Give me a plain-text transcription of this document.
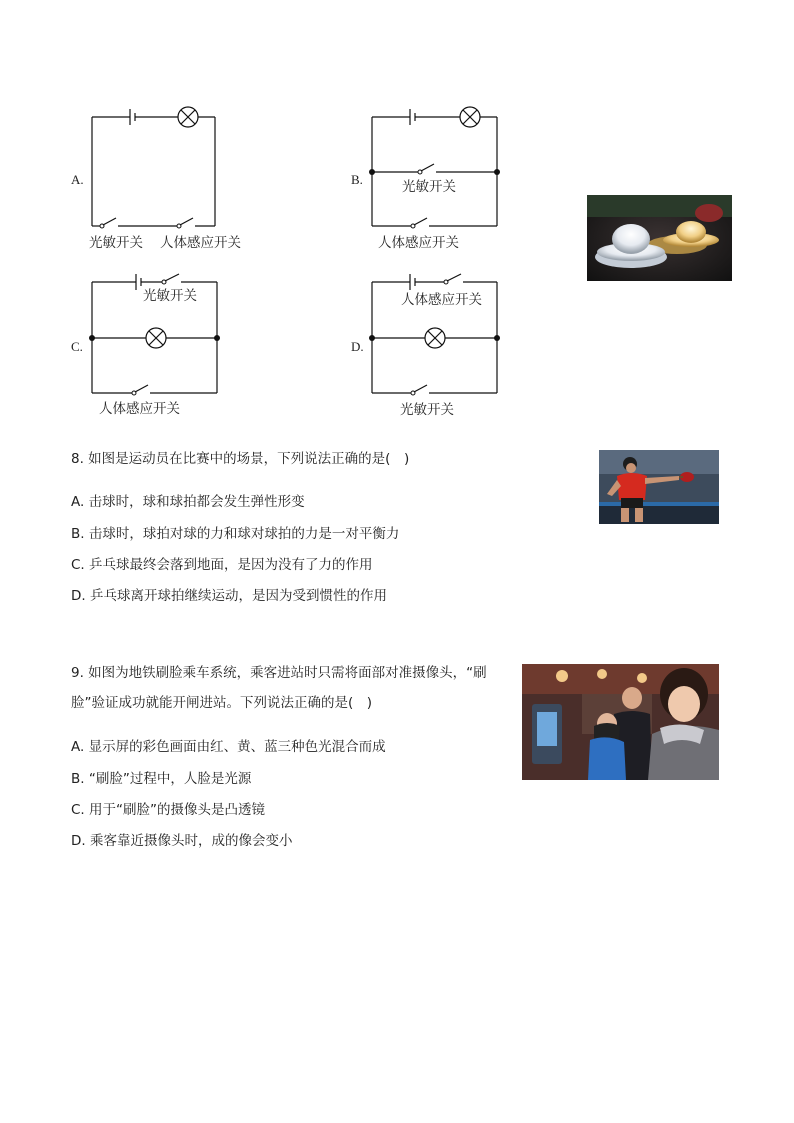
A.
光敏开关 人体感应开关
B.	光敏开关
人体感应开关
C.
光敏开关
人体感应开关
D.
人体感应开关
光敏开关
8. 如图是运动员在比赛中的场景，下列说法正确的是(　)
A. 击球时，球和球拍都会发生弹性形变
B. 击球时，球拍对球的力和球对球拍的力是一对平衡力
C. 乒乓球最终会落到地面，是因为没有了力的作用
D. 乒乓球离开球拍继续运动，是因为受到惯性的作用
9. 如图为地铁刷脸乘车系统，乘客进站时只需将面部对准摄像头，“刷
脸”验证成功就能开闸进站。下列说法正确的是(　)
A. 显示屏的彩色画面由红、黄、蓝三种色光混合而成
B. “刷脸”过程中，人脸是光源
C. 用于“刷脸”的摄像头是凸透镜
D. 乘客靠近摄像头时，成的像会变小
